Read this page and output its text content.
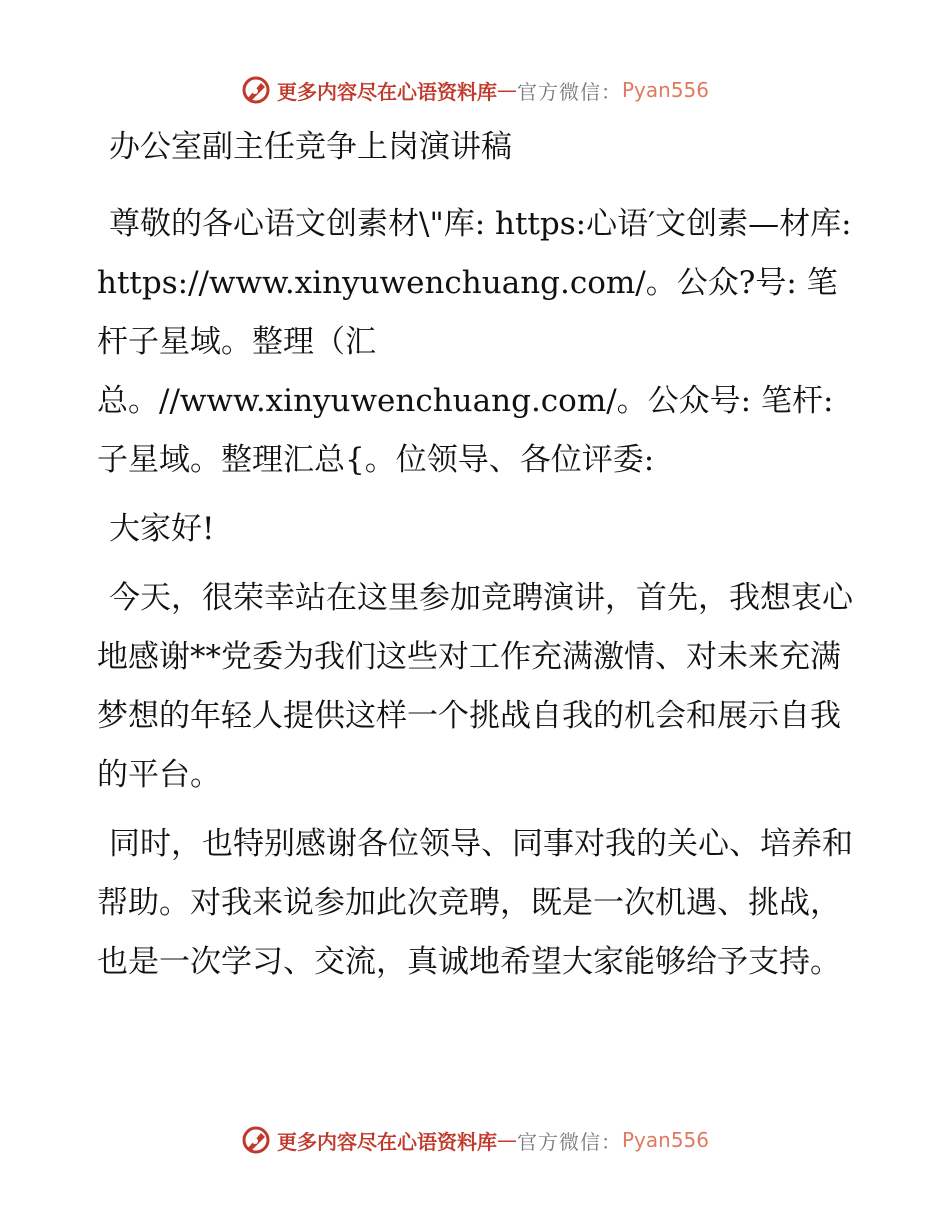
更多内容尽在心语资料库 — 官方微信： Pyan556

办公室副主任竞争上岗演讲稿

尊敬的各心语文创素材\"库: https:心语′文创素—材库: https://www.xinyuwenchuang.com/。公众?号: 笔杆子星域。整理（汇总。//www.xinyuwenchuang.com/。公众号: 笔杆:子星域。整理汇总{。位领导、各位评委:

大家好!

今天，很荣幸站在这里参加竞聘演讲，首先，我想衷心地感谢**党委为我们这些对工作充满激情、对未来充满梦想的年轻人提供这样一个挑战自我的机会和展示自我的平台。

同时，也特别感谢各位领导、同事对我的关心、培养和帮助。对我来说参加此次竞聘，既是一次机遇、挑战，也是一次学习、交流，真诚地希望大家能够给予支持。

更多内容尽在心语资料库 — 官方微信： Pyan556
